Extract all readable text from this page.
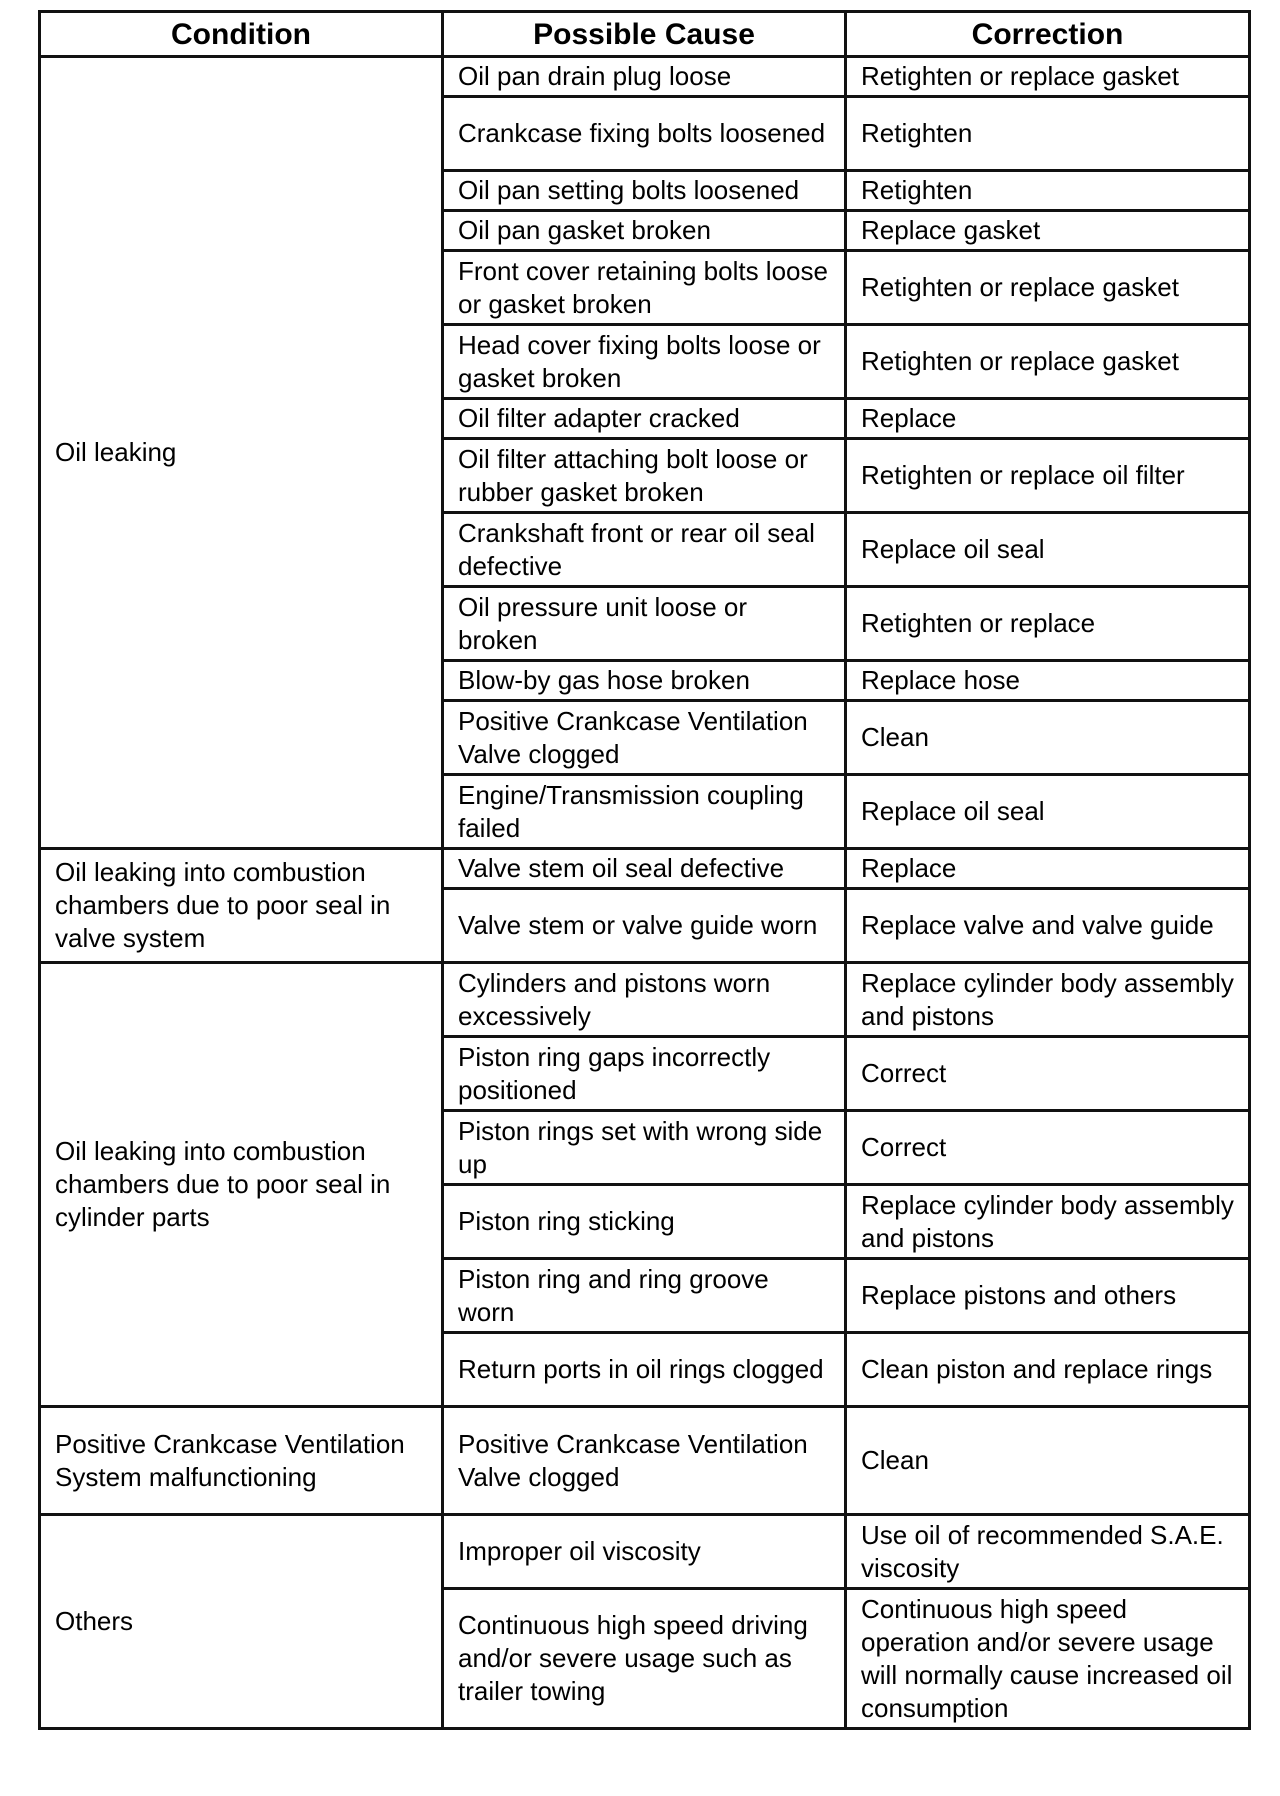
Condition	Possible Cause	Correction
Oil leaking	Oil pan drain plug loose	Retighten or replace gasket
	Crankcase fixing bolts loosened	Retighten
	Oil pan setting bolts loosened	Retighten
	Oil pan gasket broken	Replace gasket
	Front cover retaining bolts loose or gasket broken	Retighten or replace gasket
	Head cover fixing bolts loose or gasket broken	Retighten or replace gasket
	Oil filter adapter cracked	Replace
	Oil filter attaching bolt loose or rubber gasket broken	Retighten or replace oil filter
	Crankshaft front or rear oil seal defective	Replace oil seal
	Oil pressure unit loose or broken	Retighten or replace
	Blow-by gas hose broken	Replace hose
	Positive Crankcase Ventilation Valve clogged	Clean
	Engine/Transmission coupling failed	Replace oil seal
Oil leaking into combustion chambers due to poor seal in valve system	Valve stem oil seal defective	Replace
	Valve stem or valve guide worn	Replace valve and valve guide
Oil leaking into combustion chambers due to poor seal in cylinder parts	Cylinders and pistons worn excessively	Replace cylinder body assembly and pistons
	Piston ring gaps incorrectly positioned	Correct
	Piston rings set with wrong side up	Correct
	Piston ring sticking	Replace cylinder body assembly and pistons
	Piston ring and ring groove worn	Replace pistons and others
	Return ports in oil rings clogged	Clean piston and replace rings
Positive Crankcase Ventilation System malfunctioning	Positive Crankcase Ventilation Valve clogged	Clean
Others	Improper oil viscosity	Use oil of recommended S.A.E. viscosity
	Continuous high speed driving and/or severe usage such as trailer towing	Continuous high speed operation and/or severe usage will normally cause increased oil consumption
